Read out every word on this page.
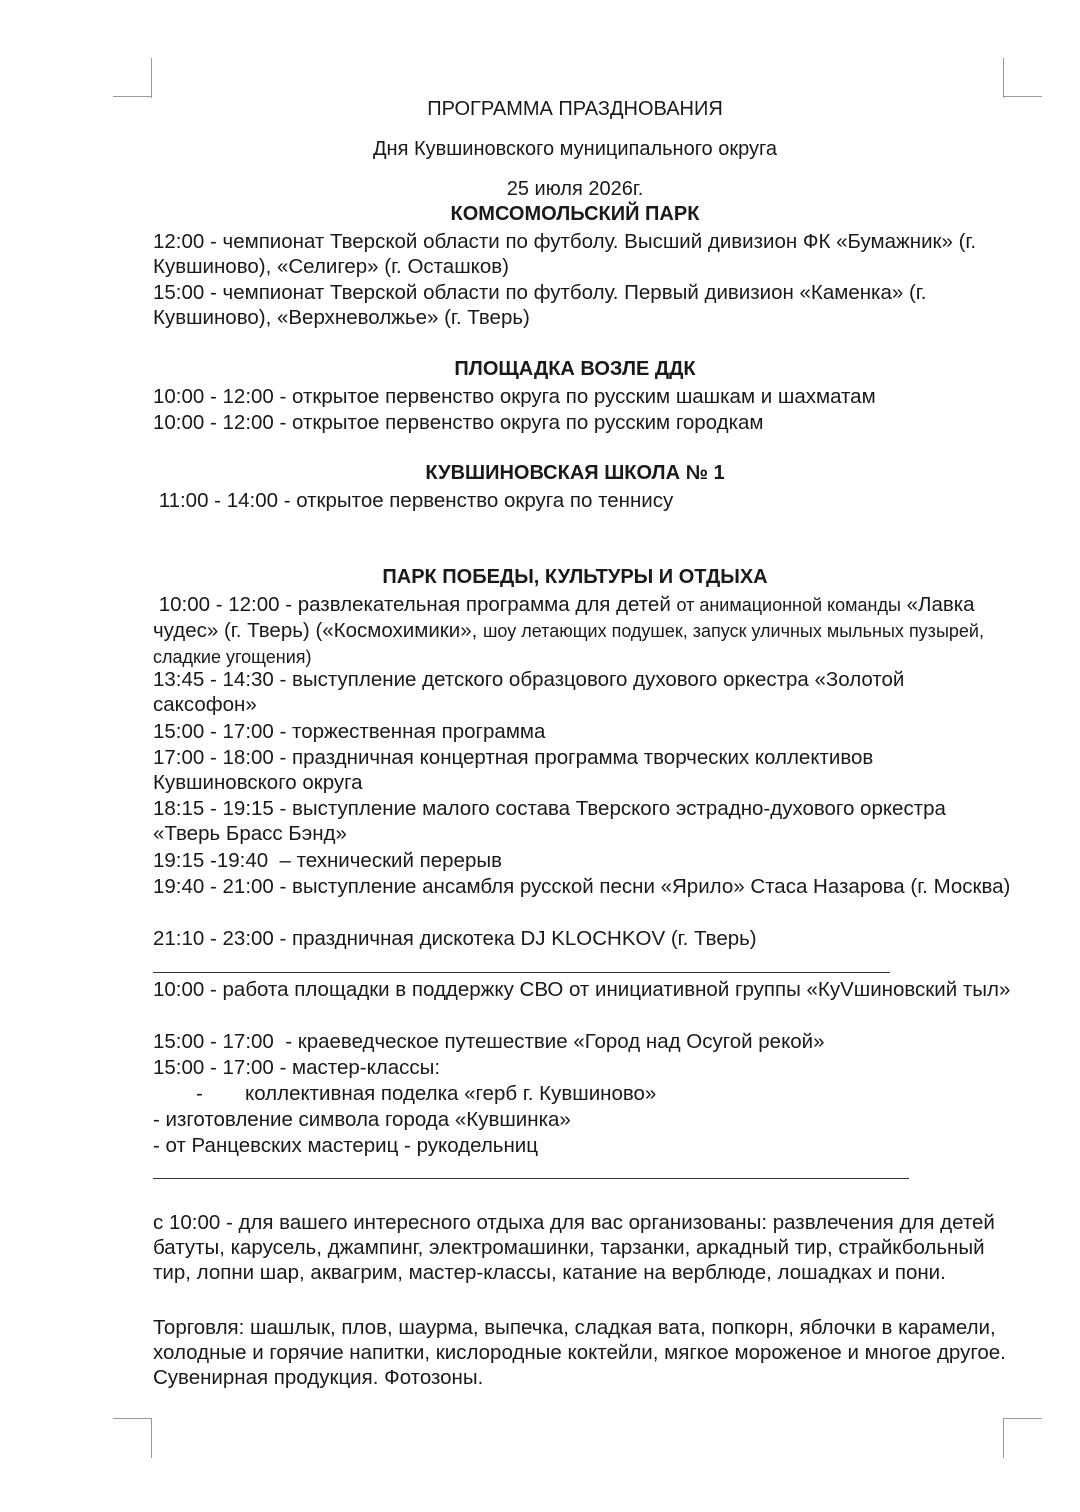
ПРОГРАММА ПРАЗДНОВАНИЯ
Дня Кувшиновского муниципального округа
25 июля 2026г.
КОМСОМОЛЬСКИЙ ПАРК

12:00 - чемпионат Тверской области по футболу. Высший дивизион ФК «Бумажник» (г. Кувшиново), «Селигер» (г. Осташков)

15:00 - чемпионат Тверской области по футболу. Первый дивизион «Каменка» (г. Кувшиново), «Верхневолжье» (г. Тверь)

ПЛОЩАДКА ВОЗЛЕ ДДК

10:00 - 12:00 - открытое первенство округа по русским шашкам и шахматам

10:00 - 12:00 - открытое первенство округа по русским городкам

КУВШИНОВСКАЯ ШКОЛА № 1

11:00 - 14:00 - открытое первенство округа по теннису

ПАРК ПОБЕДЫ, КУЛЬТУРЫ И ОТДЫХА

10:00 - 12:00 - развлекательная программа для детей от анимационной команды «Лавка чудес» (г. Тверь) («Космохимики», шоу летающих подушек, запуск уличных мыльных пузырей, сладкие угощения)

13:45 - 14:30 - выступление детского образцового духового оркестра «Золотой саксофон»

15:00 - 17:00 - торжественная программа

17:00 - 18:00 - праздничная концертная программа творческих коллективов Кувшиновского округа

18:15 - 19:15 - выступление малого состава Тверского эстрадно-духового оркестра «Тверь Брасс Бэнд»

19:15 -19:40  – технический перерыв

19:40 - 21:00 - выступление ансамбля русской песни «Ярило» Стаса Назарова (г. Москва)

21:10 - 23:00 - праздничная дискотека DJ KLOCHKOV (г. Тверь)

10:00 - работа площадки в поддержку СВО от инициативной группы «КуVшиновский тыл»

15:00 - 17:00  - краеведческое путешествие «Город над Осугой рекой»

15:00 - 17:00 - мастер-классы:

- коллективная поделка «герб г. Кувшиново»

- изготовление символа города «Кувшинка»

- от Ранцевских мастериц - рукодельниц

с 10:00 - для вашего интересного отдыха для вас организованы: развлечения для детей батуты, карусель, джампинг, электромашинки, тарзанки, аркадный тир, страйкбольный тир, лопни шар, аквагрим, мастер-классы, катание на верблюде, лошадках и пони.

Торговля: шашлык, плов, шаурма, выпечка, сладкая вата, попкорн, яблочки в карамели, холодные и горячие напитки, кислородные коктейли, мягкое мороженое и многое другое. Сувенирная продукция. Фотозоны.
